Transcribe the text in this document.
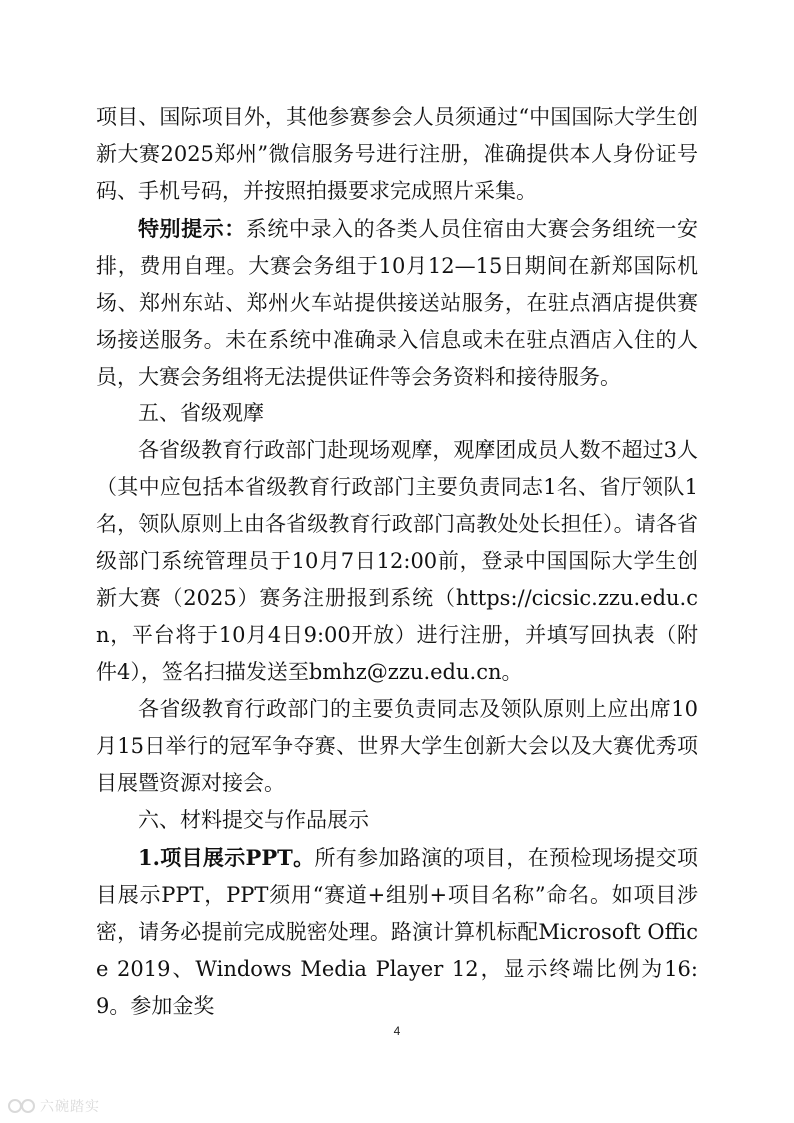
项目、国际项目外，其他参赛参会人员须通过“中国国际大学生创新大赛2025郑州”微信服务号进行注册，准确提供本人身份证号码、手机号码，并按照拍摄要求完成照片采集。

特别提示：系统中录入的各类人员住宿由大赛会务组统一安排，费用自理。大赛会务组于10月12—15日期间在新郑国际机场、郑州东站、郑州火车站提供接送站服务，在驻点酒店提供赛场接送服务。未在系统中准确录入信息或未在驻点酒店入住的人员，大赛会务组将无法提供证件等会务资料和接待服务。

五、省级观摩

各省级教育行政部门赴现场观摩，观摩团成员人数不超过3人（其中应包括本省级教育行政部门主要负责同志1名、省厅领队1名，领队原则上由各省级教育行政部门高教处处长担任）。请各省级部门系统管理员于10月7日12:00前，登录中国国际大学生创新大赛（2025）赛务注册报到系统（https://cicsic.zzu.edu.cn，平台将于10月4日9:00开放）进行注册，并填写回执表（附件4），签名扫描发送至bmhz@zzu.edu.cn。

各省级教育行政部门的主要负责同志及领队原则上应出席10月15日举行的冠军争夺赛、世界大学生创新大会以及大赛优秀项目展暨资源对接会。

六、材料提交与作品展示

1.项目展示PPT。所有参加路演的项目，在预检现场提交项目展示PPT，PPT须用“赛道+组别+项目名称”命名。如项目涉密，请务必提前完成脱密处理。路演计算机标配Microsoft Office 2019、Windows Media Player 12，显示终端比例为16:9。参加金奖

4
六碗踏实
